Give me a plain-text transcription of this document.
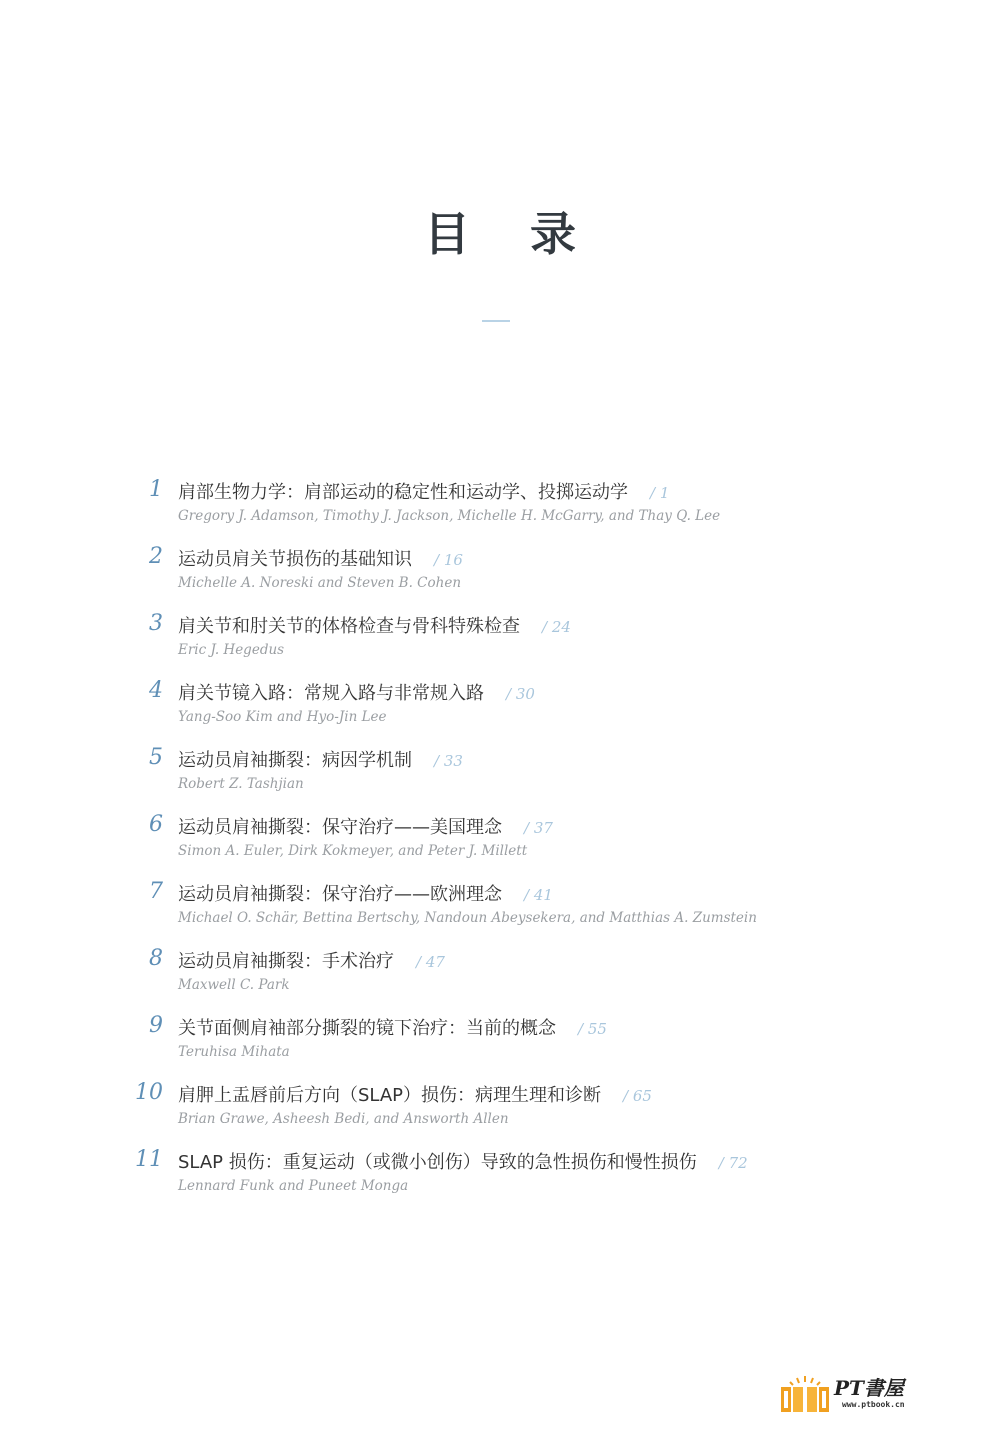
目 录
1 肩部生物力学：肩部运动的稳定性和运动学、投掷运动学 / 1
Gregory J. Adamson, Timothy J. Jackson, Michelle H. McGarry, and Thay Q. Lee
2 运动员肩关节损伤的基础知识 / 16
Michelle A. Noreski and Steven B. Cohen
3 肩关节和肘关节的体格检查与骨科特殊检查 / 24
Eric J. Hegedus
4 肩关节镜入路：常规入路与非常规入路 / 30
Yang-Soo Kim and Hyo-Jin Lee
5 运动员肩袖撕裂：病因学机制 / 33
Robert Z. Tashjian
6 运动员肩袖撕裂：保守治疗——美国理念 / 37
Simon A. Euler, Dirk Kokmeyer, and Peter J. Millett
7 运动员肩袖撕裂：保守治疗——欧洲理念 / 41
Michael O. Schär, Bettina Bertschy, Nandoun Abeysekera, and Matthias A. Zumstein
8 运动员肩袖撕裂：手术治疗 / 47
Maxwell C. Park
9 关节面侧肩袖部分撕裂的镜下治疗：当前的概念 / 55
Teruhisa Mihata
10 肩胛上盂唇前后方向（SLAP）损伤：病理生理和诊断 / 65
Brian Grawe, Asheesh Bedi, and Answorth Allen
11 SLAP 损伤：重复运动（或微小创伤）导致的急性损伤和慢性损伤 / 72
Lennard Funk and Puneet Monga
PT書屋
www.ptbook.cn
